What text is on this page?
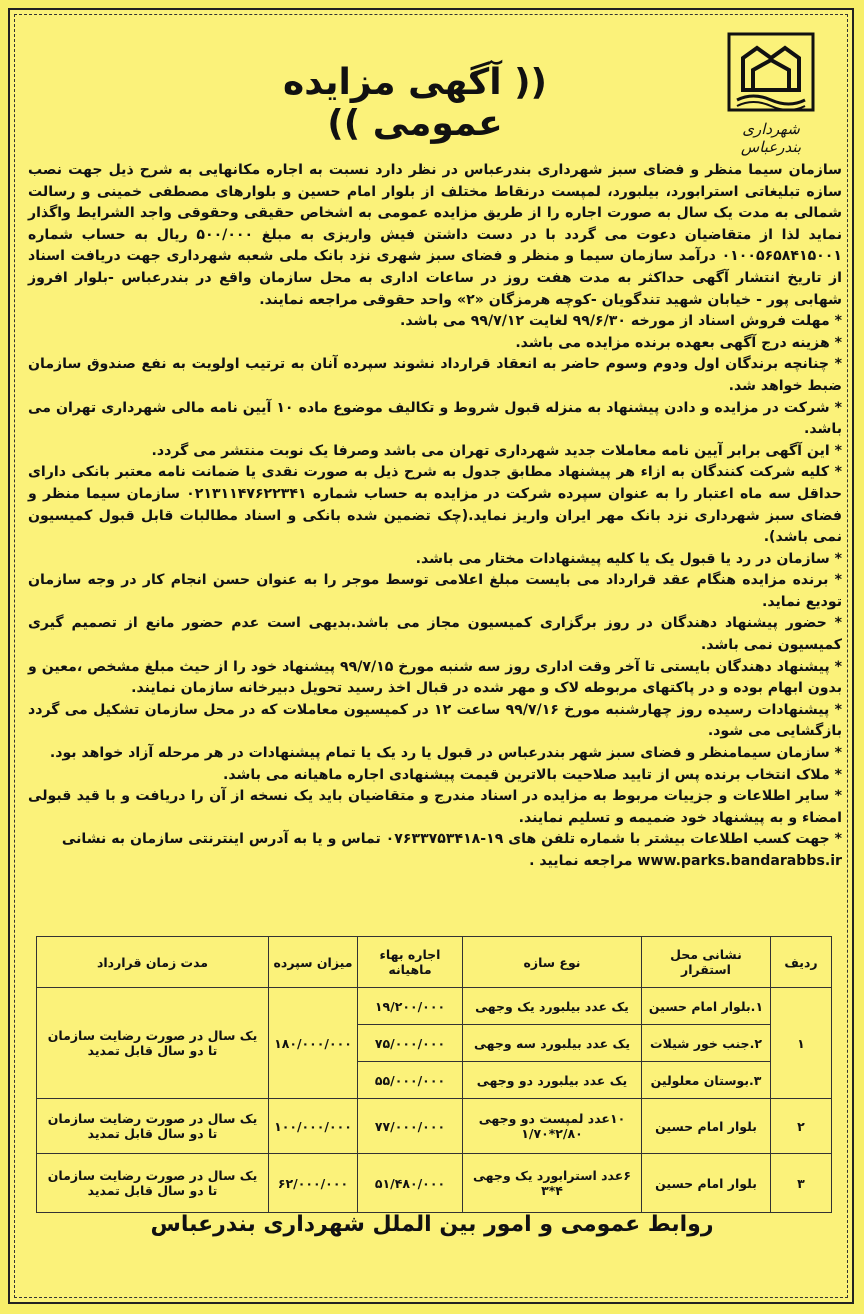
شهرداری بندرعباس
(( آگهی مزایده عمومی ))

سازمان سیما منظر و فضای سبز شهرداری بندرعباس در نظر دارد نسبت به اجاره مکانهایی به شرح ذیل جهت نصب سازه تبلیغاتی استرابورد، بیلبورد، لمپست درنقاط مختلف از بلوار امام حسین و بلوارهای مصطفی خمینی و رسالت شمالی به مدت یک سال به صورت اجاره را از طریق مزایده عمومی به اشخاص حقیقی وحقوقی واجد الشرایط واگذار نماید لذا از متقاضیان دعوت می گردد با در دست داشتن فیش واریزی به مبلغ ۵۰۰/۰۰۰ ریال به حساب شماره ۰۱۰۰۵۶۵۸۴۱۵۰۰۱ درآمد سازمان سیما و منظر و فضای سبز شهری نزد بانک ملی شعبه شهرداری جهت دریافت اسناد از تاریخ انتشار آگهی حداکثر به مدت هفت روز در ساعات اداری به محل سازمان واقع در بندرعباس -بلوار افروز شهابی پور - خیابان شهید تندگویان -کوچه هرمزگان «۲» واحد حقوقی مراجعه نمایند.

* مهلت فروش اسناد از مورخه ۹۹/۶/۳۰ لغایت ۹۹/۷/۱۲ می باشد.

* هزینه درج آگهی بعهده برنده مزایده می باشد.

* چنانچه برندگان اول ودوم وسوم حاضر به انعقاد قرارداد نشوند سپرده آنان به ترتیب اولویت به نفع صندوق سازمان ضبط خواهد شد.

* شرکت در مزایده و دادن پیشنهاد به منزله قبول شروط و تکالیف موضوع ماده ۱۰ آیین نامه مالی شهرداری تهران می باشد.

* این آگهی برابر آیین نامه معاملات جدید شهرداری تهران می باشد وصرفا یک نوبت منتشر می گردد.

* کلیه شرکت کنندگان به ازاء هر پیشنهاد مطابق جدول به شرح ذیل به صورت نقدی یا ضمانت نامه معتبر بانکی دارای حداقل سه ماه اعتبار را به عنوان سپرده شرکت در مزایده به حساب شماره ۰۲۱۳۱۱۴۷۶۲۲۳۴۱ سازمان سیما منظر و فضای سبز شهرداری نزد بانک مهر ایران واریز نماید.(چک تضمین شده بانکی و اسناد مطالبات قابل قبول کمیسیون نمی باشد).

* سازمان در رد یا قبول یک یا کلیه پیشنهادات مختار می باشد.

* برنده مزایده هنگام عقد قرارداد می بایست مبلغ اعلامی توسط موجر را به عنوان حسن انجام کار در وجه سازمان تودیع نماید.

* حضور پیشنهاد دهندگان در روز برگزاری کمیسیون مجاز می باشد.بدیهی است عدم حضور مانع از تصمیم گیری کمیسیون نمی باشد.

* پیشنهاد دهندگان بایستی تا آخر وقت اداری روز سه شنبه مورخ ۹۹/۷/۱۵ پیشنهاد خود را از حیث مبلغ مشخص ،معین و بدون ابهام بوده و در پاکتهای مربوطه لاک و مهر شده در قبال اخذ رسید تحویل دبیرخانه سازمان نمایند.

* پیشنهادات رسیده روز چهارشنبه مورخ ۹۹/۷/۱۶ ساعت ۱۲ در کمیسیون معاملات که در محل سازمان تشکیل می گردد بازگشایی می شود.

* سازمان سیمامنظر و فضای سبز شهر بندرعباس در قبول یا رد یک یا تمام پیشنهادات در هر مرحله آزاد خواهد بود.

* ملاک انتخاب برنده پس از تایید صلاحیت بالاترین قیمت پیشنهادی اجاره ماهیانه می باشد.

* سایر اطلاعات و جزییات مربوط به مزایده در اسناد مندرج و متقاضیان باید یک نسخه از آن را دریافت و با قید قبولی امضاء و به پیشنهاد خود ضمیمه و تسلیم نمایند.

* جهت کسب اطلاعات بیشتر با شماره تلفن های ۱۹-۰۷۶۳۳۷۵۳۴۱۸ تماس و یا به آدرس اینترنتی سازمان به نشانی

www.parks.bandarabbs.ir مراجعه نمایید .

ردیف	نشانی محل استقرار	نوع سازه	اجاره بهاء ماهیانه	میزان سپرده	مدت زمان قرارداد
۱	۱.بلوار امام حسین	یک عدد بیلبورد یک وجهی	۱۹/۲۰۰/۰۰۰	۱۸۰/۰۰۰/۰۰۰	یک سال در صورت رضایت سازمان تا دو سال قابل تمدید
	۲.جنب خور شیلات	یک عدد بیلبورد سه وجهی	۷۵/۰۰۰/۰۰۰		
	۳.بوستان معلولین	یک عدد بیلبورد دو وجهی	۵۵/۰۰۰/۰۰۰		
۲	بلوار امام حسین	۱۰عدد لمپست دو وجهی ۲/۸۰*۱/۷۰	۷۷/۰۰۰/۰۰۰	۱۰۰/۰۰۰/۰۰۰	یک سال در صورت رضایت سازمان تا دو سال قابل تمدید
۳	بلوار امام حسین	۶عدد استرابورد یک وجهی ۴*۳	۵۱/۴۸۰/۰۰۰	۶۲/۰۰۰/۰۰۰	یک سال در صورت رضایت سازمان تا دو سال قابل تمدید
روابط عمومی و امور بین الملل شهرداری بندرعباس
